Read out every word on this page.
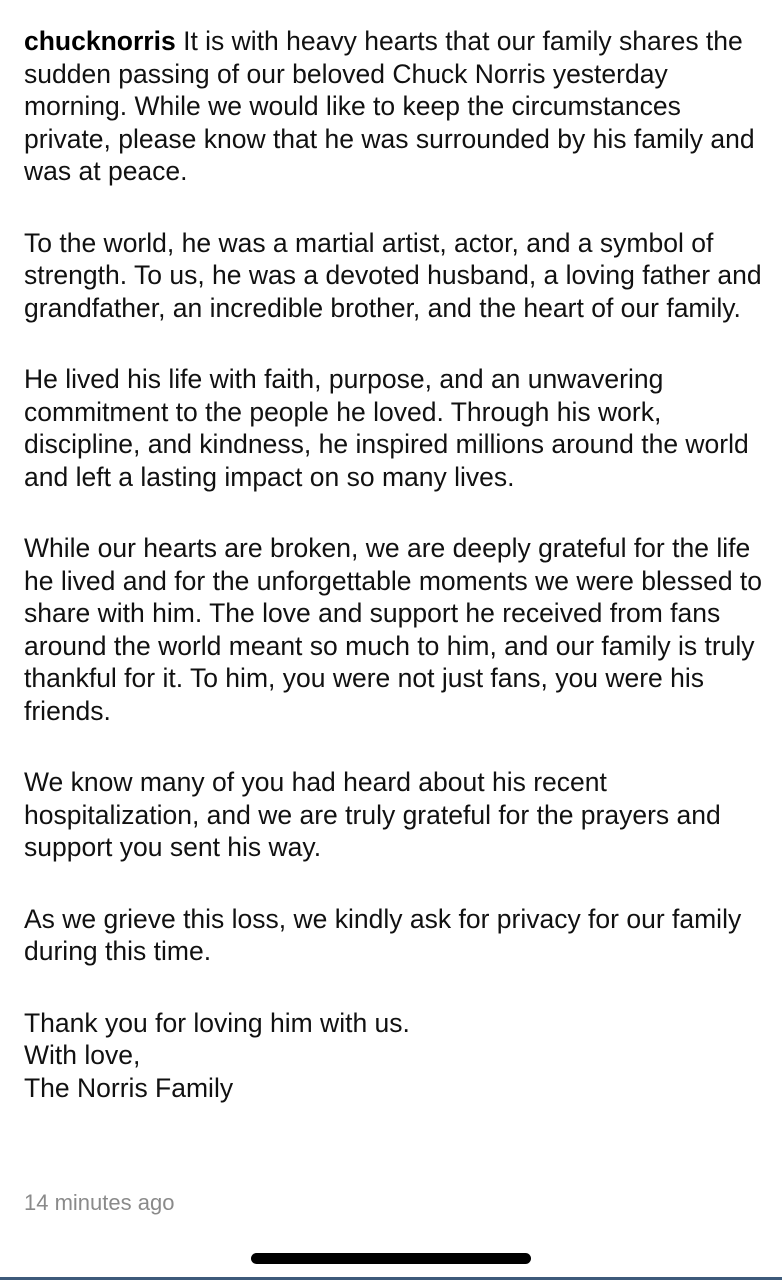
chucknorris It is with heavy hearts that our family shares the sudden passing of our beloved Chuck Norris yesterday morning. While we would like to keep the circumstances private, please know that he was surrounded by his family and was at peace.

To the world, he was a martial artist, actor, and a symbol of strength. To us, he was a devoted husband, a loving father and grandfather, an incredible brother, and the heart of our family.

He lived his life with faith, purpose, and an unwavering commitment to the people he loved. Through his work, discipline, and kindness, he inspired millions around the world and left a lasting impact on so many lives.

While our hearts are broken, we are deeply grateful for the life he lived and for the unforgettable moments we were blessed to share with him. The love and support he received from fans around the world meant so much to him, and our family is truly thankful for it. To him, you were not just fans, you were his friends.

We know many of you had heard about his recent hospitalization, and we are truly grateful for the prayers and support you sent his way.

As we grieve this loss, we kindly ask for privacy for our family during this time.

Thank you for loving him with us.

With love,

The Norris Family

14 minutes ago
